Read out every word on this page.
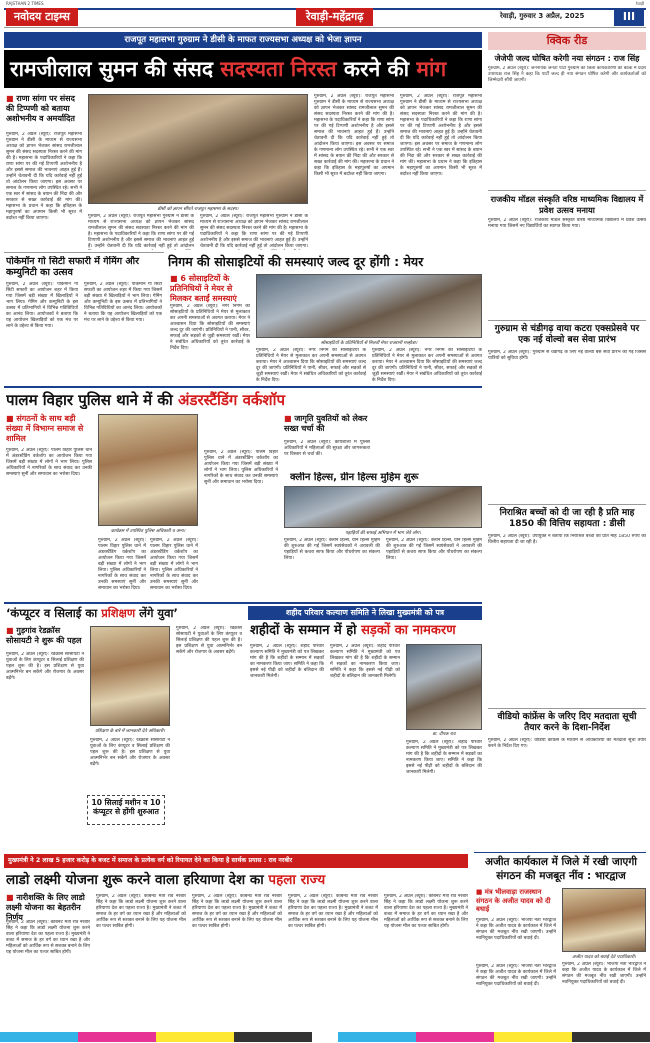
RAJSTHAN 2 TIMES	रेवाड़ी
नवोदय टाइम्स	रेवाड़ी-महेंद्रगढ़	रेवाड़ी, गुरुवार 3 अप्रैल, 2025	III
राजपूत महासभा गुरुग्राम ने डीसी के माफत राज्यसभा अध्यक्ष को भेजा ज्ञापन
रामजीलाल सुमन की संसद सदस्यता निरस्त करने की मांग
■ राणा सांगा पर संसद की टिप्पणी को बताया अशोभनीय व अमर्यादित
गुरुग्राम, 2 अप्रैल (ब्यूरो): राजपूत महासभा गुरुग्राम ने डीसी के माध्यम से राज्यसभा अध्यक्ष को ज्ञापन भेजकर सांसद रामजीलाल सुमन की संसद सदस्यता निरस्त करने की मांग की है। महासभा के पदाधिकारियों ने कहा कि राणा सांगा पर की गई टिप्पणी अशोभनीय है और इससे समाज की भावनाएं आहत हुई हैं। उन्होंने चेतावनी दी कि यदि कार्रवाई नहीं हुई तो आंदोलन किया जाएगा। इस अवसर पर समाज के गणमान्य लोग उपस्थित रहे। सभी ने एक स्वर में सांसद के बयान की निंदा की और सरकार से सख्त कार्रवाई की मांग की। महासभा के प्रधान ने कहा कि इतिहास के महापुरुषों का अपमान किसी भी सूरत में बर्दाश्त नहीं किया जाएगा।
डीसी को ज्ञापन सौंपते राजपूत महासभा के सदस्य।
गुरुग्राम, 2 अप्रैल (ब्यूरो): राजपूत महासभा गुरुग्राम ने डीसी के माध्यम से राज्यसभा अध्यक्ष को ज्ञापन भेजकर सांसद रामजीलाल सुमन की संसद सदस्यता निरस्त करने की मांग की है। महासभा के पदाधिकारियों ने कहा कि राणा सांगा पर की गई टिप्पणी अशोभनीय है और इससे समाज की भावनाएं आहत हुई हैं। उन्होंने चेतावनी दी कि यदि कार्रवाई नहीं हुई तो आंदोलन
गुरुग्राम, 2 अप्रैल (ब्यूरो): राजपूत महासभा गुरुग्राम ने डीसी के माध्यम से राज्यसभा अध्यक्ष को ज्ञापन भेजकर सांसद रामजीलाल सुमन की संसद सदस्यता निरस्त करने की मांग की है। महासभा के पदाधिकारियों ने कहा कि राणा सांगा पर की गई टिप्पणी अशोभनीय है और इससे समाज की भावनाएं आहत हुई हैं। उन्होंने चेतावनी दी कि यदि कार्रवाई नहीं हुई तो आंदोलन किया जाएगा।
गुरुग्राम, 2 अप्रैल (ब्यूरो): राजपूत महासभा गुरुग्राम ने डीसी के माध्यम से राज्यसभा अध्यक्ष को ज्ञापन भेजकर सांसद रामजीलाल सुमन की संसद सदस्यता निरस्त करने की मांग की है। महासभा के पदाधिकारियों ने कहा कि राणा सांगा पर की गई टिप्पणी अशोभनीय है और इससे समाज की भावनाएं आहत हुई हैं। उन्होंने चेतावनी दी कि यदि कार्रवाई नहीं हुई तो आंदोलन किया जाएगा। इस अवसर पर समाज के गणमान्य लोग उपस्थित रहे। सभी ने एक स्वर में सांसद के बयान की निंदा की और सरकार से सख्त कार्रवाई की मांग की। महासभा के प्रधान ने कहा कि इतिहास के महापुरुषों का अपमान किसी भी सूरत में बर्दाश्त नहीं किया जाएगा।
गुरुग्राम, 2 अप्रैल (ब्यूरो): राजपूत महासभा गुरुग्राम ने डीसी के माध्यम से राज्यसभा अध्यक्ष को ज्ञापन भेजकर सांसद रामजीलाल सुमन की संसद सदस्यता निरस्त करने की मांग की है। महासभा के पदाधिकारियों ने कहा कि राणा सांगा पर की गई टिप्पणी अशोभनीय है और इससे समाज की भावनाएं आहत हुई हैं। उन्होंने चेतावनी दी कि यदि कार्रवाई नहीं हुई तो आंदोलन किया जाएगा। इस अवसर पर समाज के गणमान्य लोग उपस्थित रहे। सभी ने एक स्वर में सांसद के बयान की निंदा की और सरकार से सख्त कार्रवाई की मांग की। महासभा के प्रधान ने कहा कि इतिहास के महापुरुषों का अपमान किसी भी सूरत में बर्दाश्त नहीं किया जाएगा।
पोकेमॉन गो सिटी सफारी में गेमिंग और कम्युनिटी का उत्सव
गुरुग्राम, 2 अप्रैल (ब्यूरो): पोकेमॉन गो सिटी सफारी का आयोजन शहर में किया गया जिसमें बड़ी संख्या में खिलाड़ियों ने भाग लिया। गेमिंग और कम्युनिटी के इस उत्सव में प्रतिभागियों ने विभिन्न गतिविधियों का आनंद लिया। आयोजकों ने बताया कि यह आयोजन खिलाड़ियों को एक मंच पर लाने के उद्देश्य से किया गया।
गुरुग्राम, 2 अप्रैल (ब्यूरो): पोकेमॉन गो सिटी सफारी का आयोजन शहर में किया गया जिसमें बड़ी संख्या में खिलाड़ियों ने भाग लिया। गेमिंग और कम्युनिटी के इस उत्सव में प्रतिभागियों ने विभिन्न गतिविधियों का आनंद लिया। आयोजकों ने बताया कि यह आयोजन खिलाड़ियों को एक मंच पर लाने के उद्देश्य से किया गया।
निगम की सोसाइटियों की समस्याएं जल्द दूर होंगी : मेयर
■ 6 सोसाइटियों के प्रतिनिधियों ने मेयर से मिलकर बताईं समस्याएं
गुरुग्राम, 2 अप्रैल (ब्यूरो): नगर निगम की सोसाइटियों के प्रतिनिधियों ने मेयर से मुलाकात कर अपनी समस्याओं से अवगत कराया। मेयर ने आश्वासन दिया कि सोसाइटियों की समस्याएं जल्द दूर की जाएंगी। प्रतिनिधियों ने पानी, सीवर, सफाई और सड़कों से जुड़ी समस्याएं रखीं। मेयर ने संबंधित अधिकारियों को तुरंत कार्रवाई के निर्देश दिए।
सोसाइटियों के प्रतिनिधियों से मिलतीं मेयर राजरानी मल्होत्रा।
गुरुग्राम, 2 अप्रैल (ब्यूरो): नगर निगम की सोसाइटियों के प्रतिनिधियों ने मेयर से मुलाकात कर अपनी समस्याओं से अवगत कराया। मेयर ने आश्वासन दिया कि सोसाइटियों की समस्याएं जल्द दूर की जाएंगी। प्रतिनिधियों ने पानी, सीवर, सफाई और सड़कों से जुड़ी समस्याएं रखीं। मेयर ने संबंधित अधिकारियों को तुरंत कार्रवाई के निर्देश दिए।
गुरुग्राम, 2 अप्रैल (ब्यूरो): नगर निगम की सोसाइटियों के प्रतिनिधियों ने मेयर से मुलाकात कर अपनी समस्याओं से अवगत कराया। मेयर ने आश्वासन दिया कि सोसाइटियों की समस्याएं जल्द दूर की जाएंगी। प्रतिनिधियों ने पानी, सीवर, सफाई और सड़कों से जुड़ी समस्याएं रखीं। मेयर ने संबंधित अधिकारियों को तुरंत कार्रवाई के निर्देश दिए।
पालम विहार पुलिस थाने में की अंडरस्टैंडिंग वर्कशॉप
■ संगठनों के साथ बड़ी संख्या में विभाग्न समाज से शामिल
गुरुग्राम, 2 अप्रैल (ब्यूरो): पालम विहार पुलिस थाने में अंडरस्टैंडिंग वर्कशॉप का आयोजन किया गया जिसमें बड़ी संख्या में लोगों ने भाग लिया। पुलिस अधिकारियों ने नागरिकों के साथ संवाद कर उनकी समस्याएं सुनीं और समाधान का भरोसा दिया।
कार्यक्रम में उपस्थित पुलिस अधिकारी व अन्य।
गुरुग्राम, 2 अप्रैल (ब्यूरो): पालम विहार पुलिस थाने में अंडरस्टैंडिंग वर्कशॉप का आयोजन किया गया जिसमें बड़ी संख्या में लोगों ने भाग लिया। पुलिस अधिकारियों ने नागरिकों के साथ संवाद कर उनकी समस्याएं सुनीं और समाधान का भरोसा दिया।
गुरुग्राम, 2 अप्रैल (ब्यूरो): पालम विहार पुलिस थाने में अंडरस्टैंडिंग वर्कशॉप का आयोजन किया गया जिसमें बड़ी संख्या में लोगों ने भाग लिया। पुलिस अधिकारियों ने नागरिकों के साथ संवाद कर उनकी समस्याएं सुनीं और समाधान का भरोसा दिया।
गुरुग्राम, 2 अप्रैल (ब्यूरो): पालम विहार पुलिस थाने में अंडरस्टैंडिंग वर्कशॉप का आयोजन किया गया जिसमें बड़ी संख्या में लोगों ने भाग लिया। पुलिस अधिकारियों ने नागरिकों के साथ संवाद कर उनकी समस्याएं सुनीं और समाधान का भरोसा दिया।
■ जागृति युवतियों को लेकर सख्त चर्चा की
गुरुग्राम, 2 अप्रैल (ब्यूरो): कार्यशाला में पुलिस अधिकारियों ने महिलाओं की सुरक्षा और जागरूकता पर विस्तार से चर्चा की।
क्लीन हिल्स, ग्रीन हिल्स मुहिम शुरू
पहाड़ियों की सफाई अभियान में भाग लेते लोग।
गुरुग्राम, 2 अप्रैल (ब्यूरो): क्लीन हिल्स, ग्रीन हिल्स मुहिम की शुरुआत की गई जिसमें स्वयंसेवकों ने अरावली की पहाड़ियों से कचरा साफ किया और पौधरोपण का संकल्प लिया।
गुरुग्राम, 2 अप्रैल (ब्यूरो): क्लीन हिल्स, ग्रीन हिल्स मुहिम की शुरुआत की गई जिसमें स्वयंसेवकों ने अरावली की पहाड़ियों से कचरा साफ किया और पौधरोपण का संकल्प लिया।
‘कंप्यूटर व सिलाई का प्रशिक्षण लेंगे युवा’
■ गुड़गांव रेडक्रॉस सोसायटी ने शुरू की पहल
गुरुग्राम, 2 अप्रैल (ब्यूरो): रेडक्रॉस सोसायटी ने युवाओं के लिए कंप्यूटर व सिलाई प्रशिक्षण की पहल शुरू की है। इस प्रशिक्षण से युवा आत्मनिर्भर बन सकेंगे और रोजगार के अवसर बढ़ेंगे।
प्रशिक्षण के बारे में जानकारी देते अधिकारी।
गुरुग्राम, 2 अप्रैल (ब्यूरो): रेडक्रॉस सोसायटी ने युवाओं के लिए कंप्यूटर व सिलाई प्रशिक्षण की पहल शुरू की है। इस प्रशिक्षण से युवा आत्मनिर्भर बन सकेंगे और रोजगार के अवसर बढ़ेंगे।
गुरुग्राम, 2 अप्रैल (ब्यूरो): रेडक्रॉस सोसायटी ने युवाओं के लिए कंप्यूटर व सिलाई प्रशिक्षण की पहल शुरू की है। इस प्रशिक्षण से युवा आत्मनिर्भर बन सकेंगे और रोजगार के अवसर बढ़ेंगे।
10 सिलाई मशीन व 10 कंप्यूटर से होंगी शुरुआत
शहीद परिवार कल्याण समिति ने लिखा मुख्यमंत्री को पत्र
शहीदों के सम्मान में हो सड़कों का नामकरण
गुरुग्राम, 2 अप्रैल (ब्यूरो): शहीद परिवार कल्याण समिति ने मुख्यमंत्री को पत्र लिखकर मांग की है कि शहीदों के सम्मान में सड़कों का नामकरण किया जाए। समिति ने कहा कि इससे नई पीढ़ी को शहीदों के बलिदान की जानकारी मिलेगी।
गुरुग्राम, 2 अप्रैल (ब्यूरो): शहीद परिवार कल्याण समिति ने मुख्यमंत्री को पत्र लिखकर मांग की है कि शहीदों के सम्मान में सड़कों का नामकरण किया जाए। समिति ने कहा कि इससे नई पीढ़ी को शहीदों के बलिदान की जानकारी मिलेगी।
डा. दीपक राव
गुरुग्राम, 2 अप्रैल (ब्यूरो): शहीद परिवार कल्याण समिति ने मुख्यमंत्री को पत्र लिखकर मांग की है कि शहीदों के सम्मान में सड़कों का नामकरण किया जाए। समिति ने कहा कि इससे नई पीढ़ी को शहीदों के बलिदान की जानकारी मिलेगी।
मुख्यमंत्री ने 2 लाख 5 हजार करोड़ के बजट में समाज के प्रत्येक वर्ग को रियायत देने का किया है सार्थक प्रयास : राव नरबीर
लाडो लक्ष्मी योजना शुरू करने वाला हरियाणा देश का पहला राज्य
■ नारीशक्ति के लिए लाडो लक्ष्मी योजना का बेहतरीन निर्णय
गुरुग्राम, 2 अप्रैल (ब्यूरो): कैबिनेट मंत्री राव नरबीर सिंह ने कहा कि लाडो लक्ष्मी योजना शुरू करने वाला हरियाणा देश का पहला राज्य है। मुख्यमंत्री ने बजट में समाज के हर वर्ग का ध्यान रखा है और महिलाओं को आर्थिक रूप से सशक्त बनाने के लिए यह योजना मील का पत्थर साबित होगी।
गुरुग्राम, 2 अप्रैल (ब्यूरो): कैबिनेट मंत्री राव नरबीर सिंह ने कहा कि लाडो लक्ष्मी योजना शुरू करने वाला हरियाणा देश का पहला राज्य है। मुख्यमंत्री ने बजट में समाज के हर वर्ग का ध्यान रखा है और महिलाओं को आर्थिक रूप से सशक्त बनाने के लिए यह योजना मील का पत्थर साबित होगी।
गुरुग्राम, 2 अप्रैल (ब्यूरो): कैबिनेट मंत्री राव नरबीर सिंह ने कहा कि लाडो लक्ष्मी योजना शुरू करने वाला हरियाणा देश का पहला राज्य है। मुख्यमंत्री ने बजट में समाज के हर वर्ग का ध्यान रखा है और महिलाओं को आर्थिक रूप से सशक्त बनाने के लिए यह योजना मील का पत्थर साबित होगी।
गुरुग्राम, 2 अप्रैल (ब्यूरो): कैबिनेट मंत्री राव नरबीर सिंह ने कहा कि लाडो लक्ष्मी योजना शुरू करने वाला हरियाणा देश का पहला राज्य है। मुख्यमंत्री ने बजट में समाज के हर वर्ग का ध्यान रखा है और महिलाओं को आर्थिक रूप से सशक्त बनाने के लिए यह योजना मील का पत्थर साबित होगी।
गुरुग्राम, 2 अप्रैल (ब्यूरो): कैबिनेट मंत्री राव नरबीर सिंह ने कहा कि लाडो लक्ष्मी योजना शुरू करने वाला हरियाणा देश का पहला राज्य है। मुख्यमंत्री ने बजट में समाज के हर वर्ग का ध्यान रखा है और महिलाओं को आर्थिक रूप से सशक्त बनाने के लिए यह योजना मील का पत्थर साबित होगी।
क्विक रीड
जेजेपी जल्द घोषित करेगी नया संगठन : राज सिंह
गुरुग्राम, 2 अप्रैल (ब्यूरो): जननायक जनता पार्टी गुरुग्राम की जिला कार्यकारिणी की बैठक में प्रदेश उपाध्यक्ष राज सिंह ने कहा कि पार्टी जल्द ही नया संगठन घोषित करेगी और कार्यकर्ताओं को जिम्मेदारी सौंपी जाएगी।
राजकीय मॉडल संस्कृति वरिष्ठ माध्यमिक विद्यालय में प्रवेश उत्सव मनाया
गुरुग्राम, 2 अप्रैल (ब्यूरो): राजकीय मॉडल संस्कृति वरिष्ठ माध्यमिक विद्यालय में प्रवेश उत्सव मनाया गया जिसमें नए विद्यार्थियों का स्वागत किया गया।
गुरुग्राम से चंडीगढ़ वाया कटरा एक्सप्रेसवे पर एक नई वोल्वो बस सेवा प्रारंभ
गुरुग्राम, 2 अप्रैल (ब्यूरो): गुरुग्राम से चंडीगढ़ के लिए नई वोल्वो बस सेवा प्रारंभ की गई जिससे यात्रियों को सुविधा होगी।
निराश्रित बच्चों को दी जा रही है प्रति माह 1850 की वित्तिय सहायता : डीसी
गुरुग्राम, 2 अप्रैल (ब्यूरो): उपायुक्त ने बताया कि निराश्रित बच्चों को प्रति माह 1850 रुपये की वित्तीय सहायता दी जा रही है।
वीडियो कांफ्रेंस के जरिए दिए मतदाता सूची तैयार करने के दिशा-निर्देश
गुरुग्राम, 2 अप्रैल (ब्यूरो): वीडियो कांफ्रेंस के माध्यम से अधिकारियों को मतदाता सूची तैयार करने के निर्देश दिए गए।
अजीत कार्यकाल में जिले में रखी जाएगी संगठन की मजबूत नींव : भारद्वाज
■ मंत्र भीलवाड़ा राजस्थान संगठन के अजीत यादव को दी बधाई
गुरुग्राम, 2 अप्रैल (ब्यूरो): भाजपा नेता भारद्वाज ने कहा कि अजीत यादव के कार्यकाल में जिले में संगठन की मजबूत नींव रखी जाएगी। उन्होंने नवनियुक्त पदाधिकारियों को बधाई दी।
अजीत यादव को बधाई देते पदाधिकारी।
गुरुग्राम, 2 अप्रैल (ब्यूरो): भाजपा नेता भारद्वाज ने कहा कि अजीत यादव के कार्यकाल में जिले में संगठन की मजबूत नींव रखी जाएगी। उन्होंने नवनियुक्त पदाधिकारियों को बधाई दी।
गुरुग्राम, 2 अप्रैल (ब्यूरो): भाजपा नेता भारद्वाज ने कहा कि अजीत यादव के कार्यकाल में जिले में संगठन की मजबूत नींव रखी जाएगी। उन्होंने नवनियुक्त पदाधिकारियों को बधाई दी।
